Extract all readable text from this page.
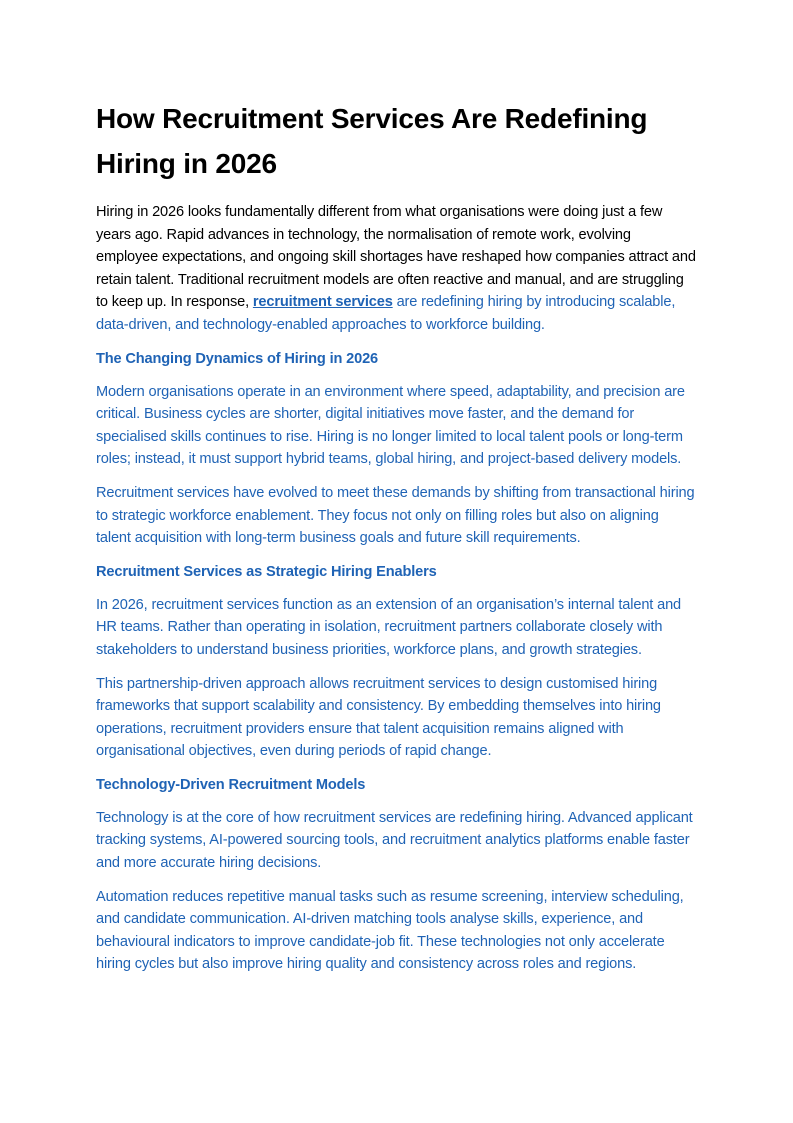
How Recruitment Services Are Redefining Hiring in 2026

Hiring in 2026 looks fundamentally different from what organisations were doing just a few years ago. Rapid advances in technology, the normalisation of remote work, evolving employee expectations, and ongoing skill shortages have reshaped how companies attract and retain talent. Traditional recruitment models are often reactive and manual, and are struggling to keep up. In response, recruitment services are redefining hiring by introducing scalable, data-driven, and technology-enabled approaches to workforce building.

The Changing Dynamics of Hiring in 2026

Modern organisations operate in an environment where speed, adaptability, and precision are critical. Business cycles are shorter, digital initiatives move faster, and the demand for specialised skills continues to rise. Hiring is no longer limited to local talent pools or long-term roles; instead, it must support hybrid teams, global hiring, and project-based delivery models.

Recruitment services have evolved to meet these demands by shifting from transactional hiring to strategic workforce enablement. They focus not only on filling roles but also on aligning talent acquisition with long-term business goals and future skill requirements.

Recruitment Services as Strategic Hiring Enablers

In 2026, recruitment services function as an extension of an organisation’s internal talent and HR teams. Rather than operating in isolation, recruitment partners collaborate closely with stakeholders to understand business priorities, workforce plans, and growth strategies.

This partnership-driven approach allows recruitment services to design customised hiring frameworks that support scalability and consistency. By embedding themselves into hiring operations, recruitment providers ensure that talent acquisition remains aligned with organisational objectives, even during periods of rapid change.

Technology-Driven Recruitment Models

Technology is at the core of how recruitment services are redefining hiring. Advanced applicant tracking systems, AI-powered sourcing tools, and recruitment analytics platforms enable faster and more accurate hiring decisions.

Automation reduces repetitive manual tasks such as resume screening, interview scheduling, and candidate communication. AI-driven matching tools analyse skills, experience, and behavioural indicators to improve candidate-job fit. These technologies not only accelerate hiring cycles but also improve hiring quality and consistency across roles and regions.
